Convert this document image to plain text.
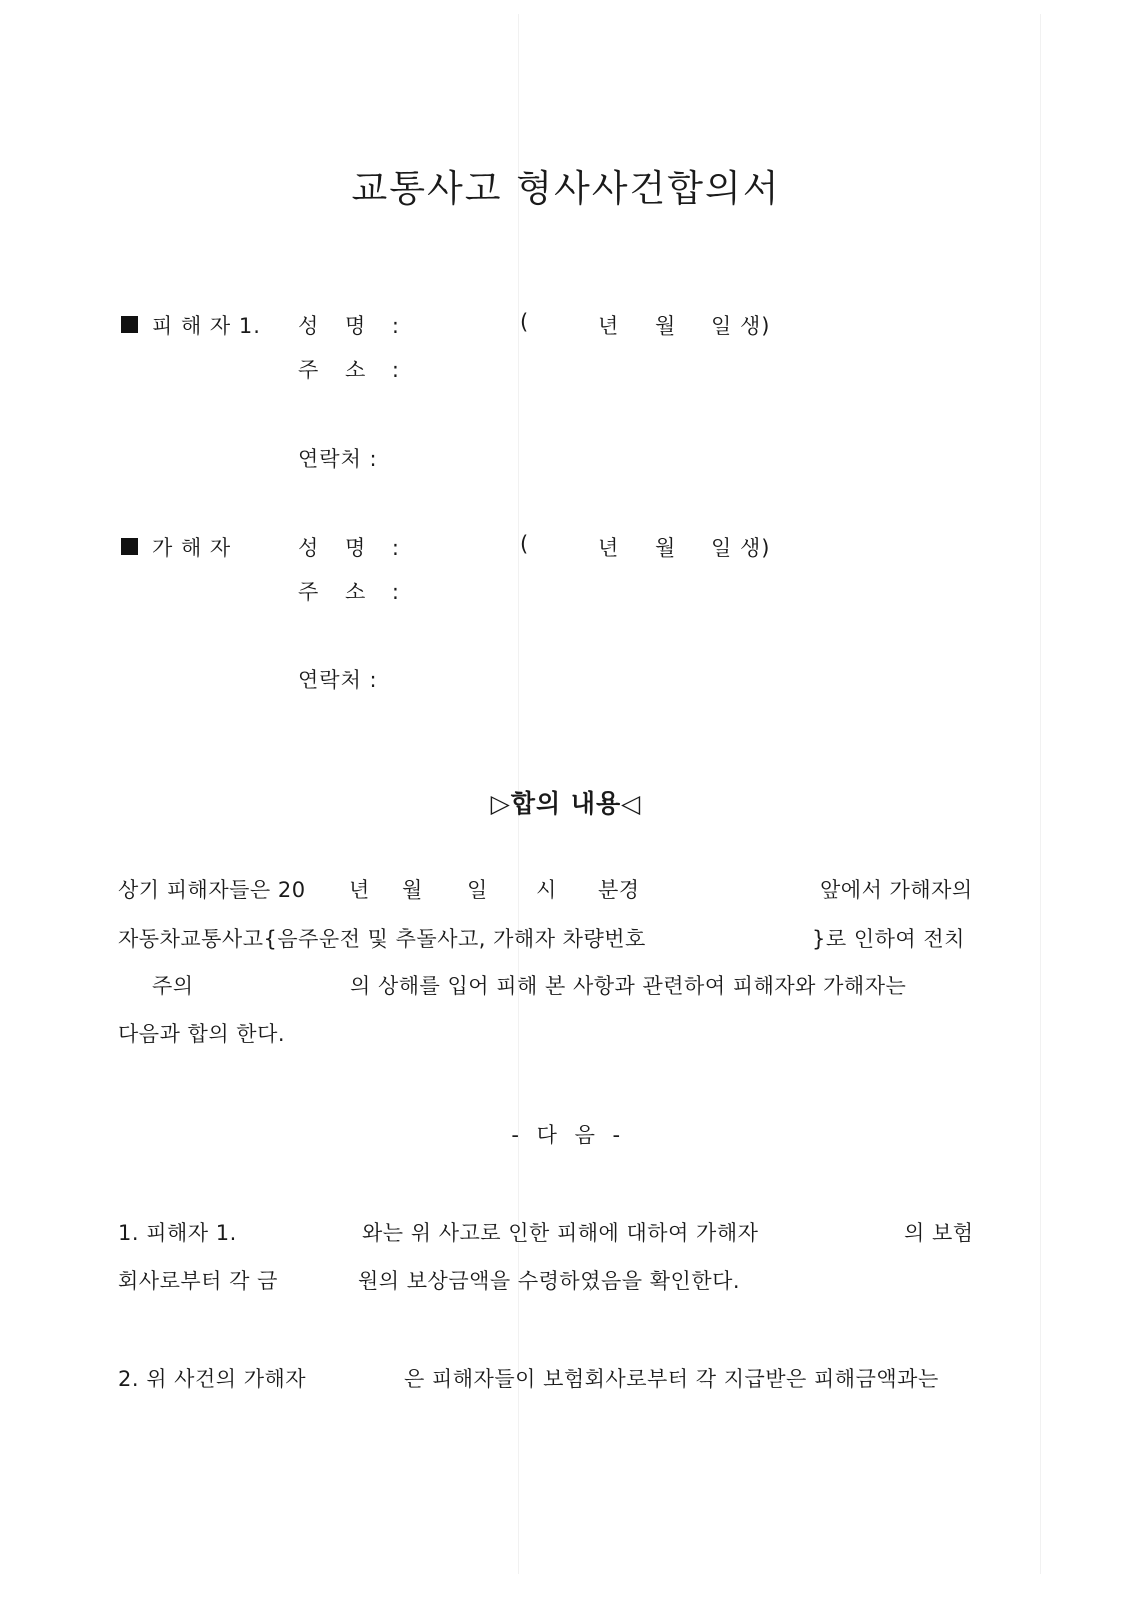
교통사고 형사사건합의서
피 해 자 1. 성 명 :	(	년 월 일 생)
주 소 :
연락처 :
가 해 자	성 명 :	(	년 월 일 생)
주 소 :
연락처 :
▷합의 내용◁
상기 피해자들은 20 년 월 일 시 분경	앞에서 가해자의
자동차교통사고{음주운전 및 추돌사고, 가해자 차량번호	}로 인하여 전치
주의	의 상해를 입어 피해 본 사항과 관련하여 피해자와 가해자는
다음과 합의 한다.
- 다 음 -
1. 피해자 1.	와는 위 사고로 인한 피해에 대하여 가해자	의 보험
회사로부터 각 금	원의 보상금액을 수령하였음을 확인한다.
2. 위 사건의 가해자	은 피해자들이 보험회사로부터 각 지급받은 피해금액과는
